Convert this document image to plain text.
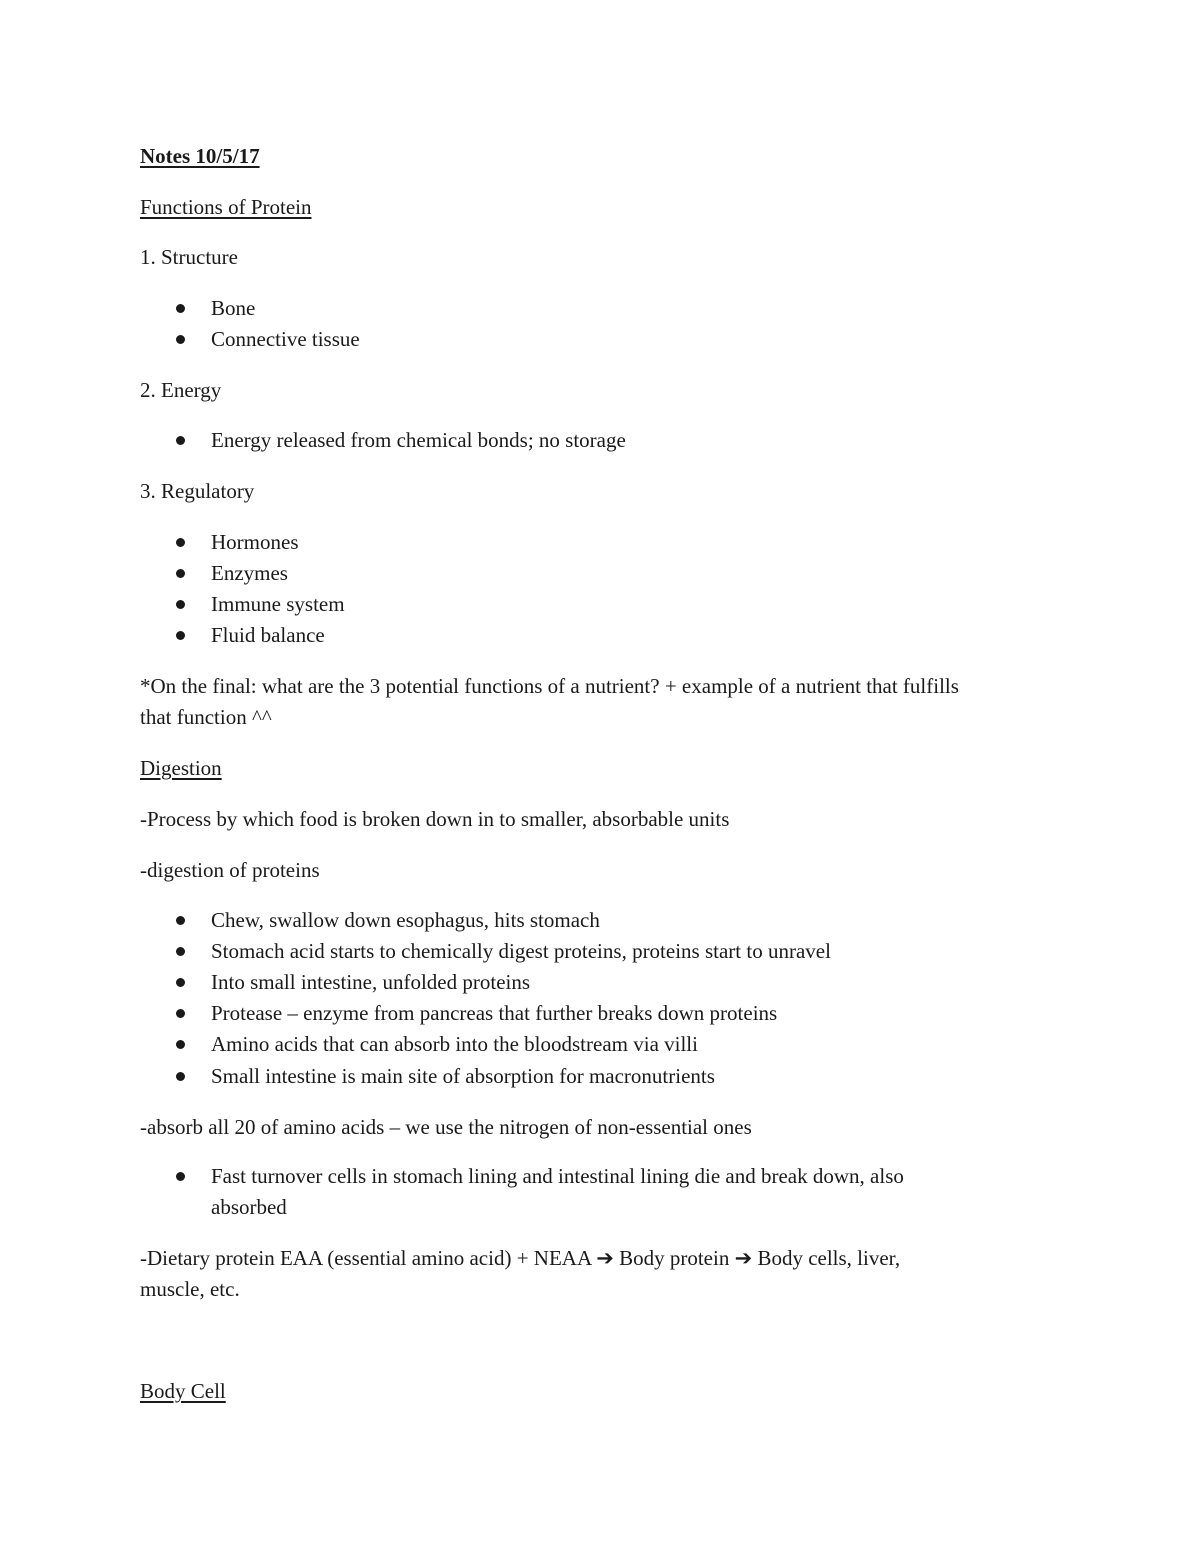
Notes 10/5/17
Functions of Protein
1. Structure
Bone
Connective tissue
2. Energy
Energy released from chemical bonds; no storage
3. Regulatory
Hormones
Enzymes
Immune system
Fluid balance
*On the final: what are the 3 potential functions of a nutrient? + example of a nutrient that fulfills
that function ^^
Digestion
-Process by which food is broken down in to smaller, absorbable units
-digestion of proteins
Chew, swallow down esophagus, hits stomach
Stomach acid starts to chemically digest proteins, proteins start to unravel
Into small intestine, unfolded proteins
Protease – enzyme from pancreas that further breaks down proteins
Amino acids that can absorb into the bloodstream via villi
Small intestine is main site of absorption for macronutrients
-absorb all 20 of amino acids – we use the nitrogen of non-essential ones
Fast turnover cells in stomach lining and intestinal lining die and break down, also
absorbed
-Dietary protein EAA (essential amino acid) + NEAA ➔ Body protein ➔ Body cells, liver,
muscle, etc.
Body Cell
